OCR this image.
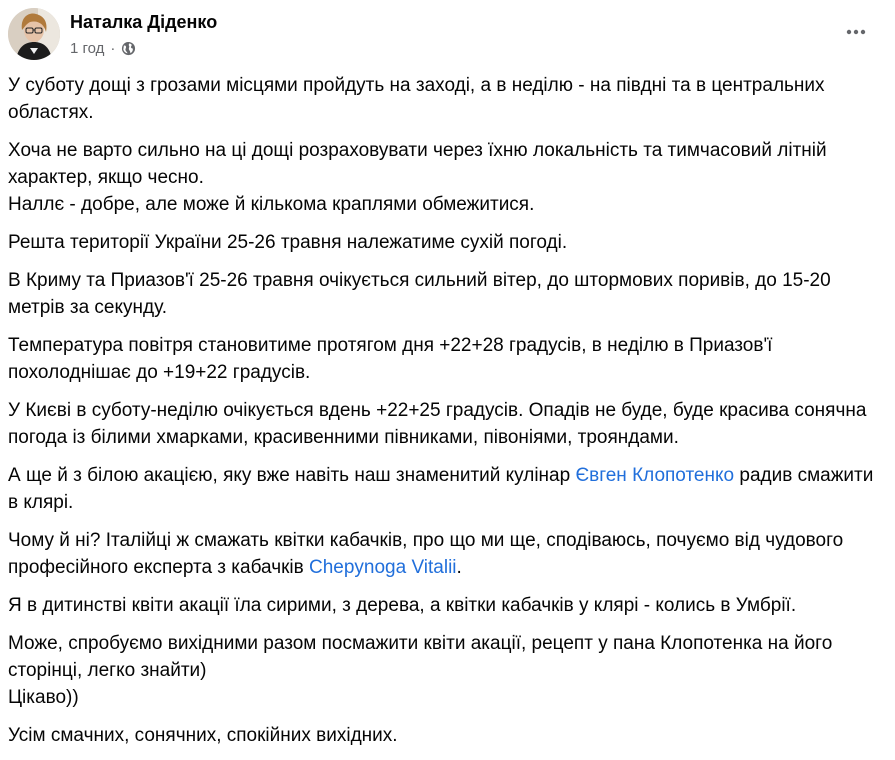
Наталка Діденко
1 год ·

У суботу дощі з грозами місцями пройдуть на заході, а в неділю - на півдні та в центральних областях.

Хоча не варто сильно на ці дощі розраховувати через їхню локальність та тимчасовий літній характер, якщо чесно.

Наллє - добре, але може й кількома краплями обмежитися.

Решта території України 25-26 травня належатиме сухій погоді.

В Криму та Приазов'ї 25-26 травня очікується сильний вітер, до штормових поривів, до 15-20 метрів за секунду.

Температура повітря становитиме протягом дня +22+28 градусів, в неділю в Приазов'ї похолоднішає до +19+22 градусів.

У Києві в суботу-неділю очікується вдень +22+25 градусів. Опадів не буде, буде красива сонячна погода із білими хмарками, красивенними півниками, півоніями, трояндами.

А ще й з білою акацією, яку вже навіть наш знаменитий кулінар Євген Клопотенко радив смажити в клярі.

Чому й ні? Італійці ж смажать квітки кабачків, про що ми ще, сподіваюсь, почуємо від чудового професійного експерта з кабачків Chepynoga Vitalii.

Я в дитинстві квіти акації їла сирими, з дерева, а квітки кабачків у клярі - колись в Умбрії.

Може, спробуємо вихідними разом посмажити квіти акації, рецепт у пана Клопотенка на його сторінці, легко знайти)

Цікаво))

Усім смачних, сонячних, спокійних вихідних.
